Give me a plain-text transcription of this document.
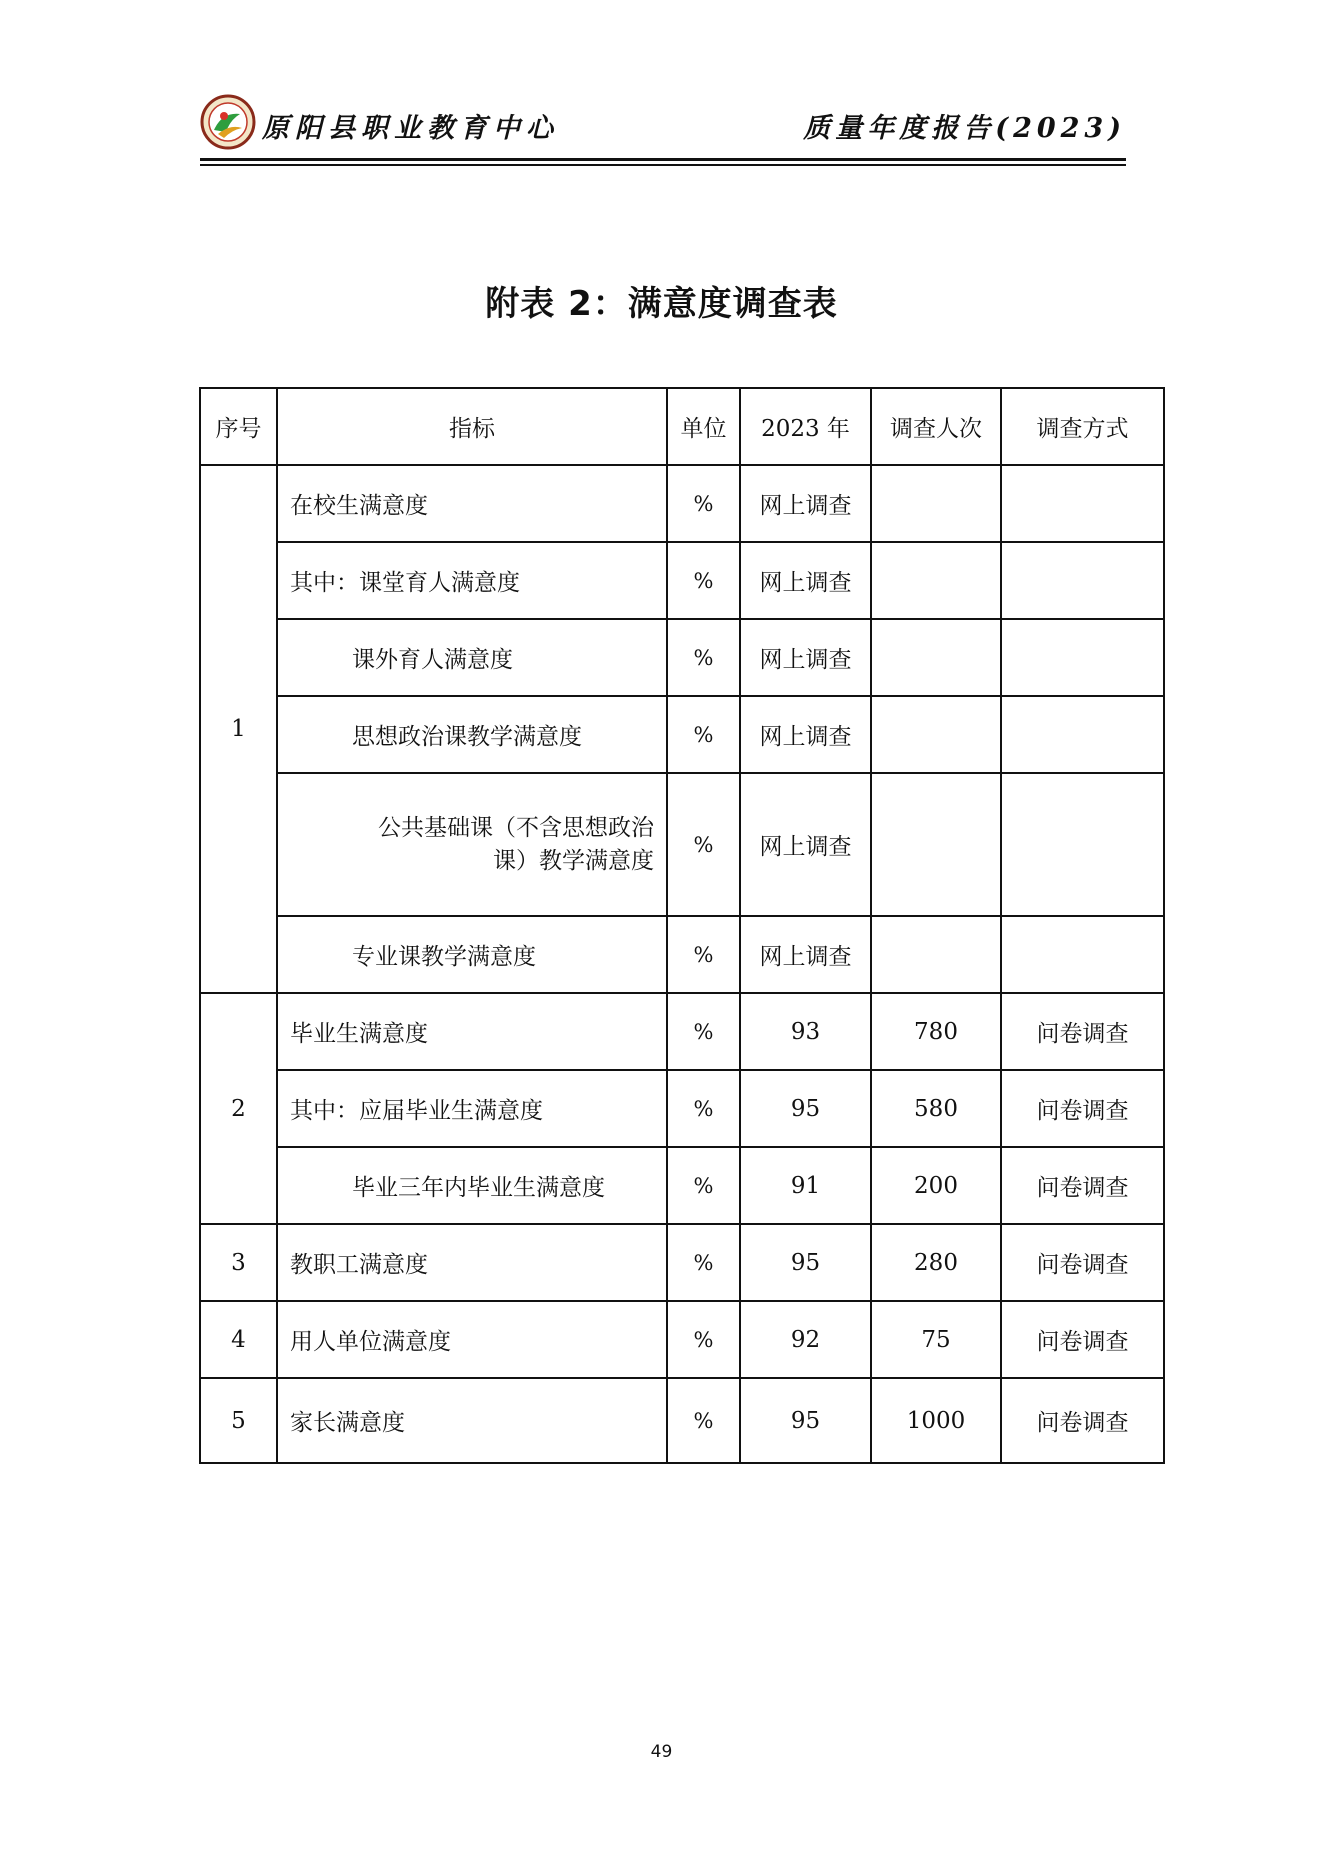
原阳县职业教育中心	质量年度报告(2023)
附表 2：满意度调查表
序号	指标	单位	2023 年	调查人次	调查方式
1	在校生满意度	%	网上调查		
	其中：课堂育人满意度	%	网上调查		
	课外育人满意度	%	网上调查		
	思想政治课教学满意度	%	网上调查		
	公共基础课（不含思想政治
课）教学满意度	%	网上调查		
	专业课教学满意度	%	网上调查		
2	毕业生满意度	%	93	780	问卷调查
	其中：应届毕业生满意度	%	95	580	问卷调查
	毕业三年内毕业生满意度	%	91	200	问卷调查
3	教职工满意度	%	95	280	问卷调查
4	用人单位满意度	%	92	75	问卷调查
5	家长满意度	%	95	1000	问卷调查
49
